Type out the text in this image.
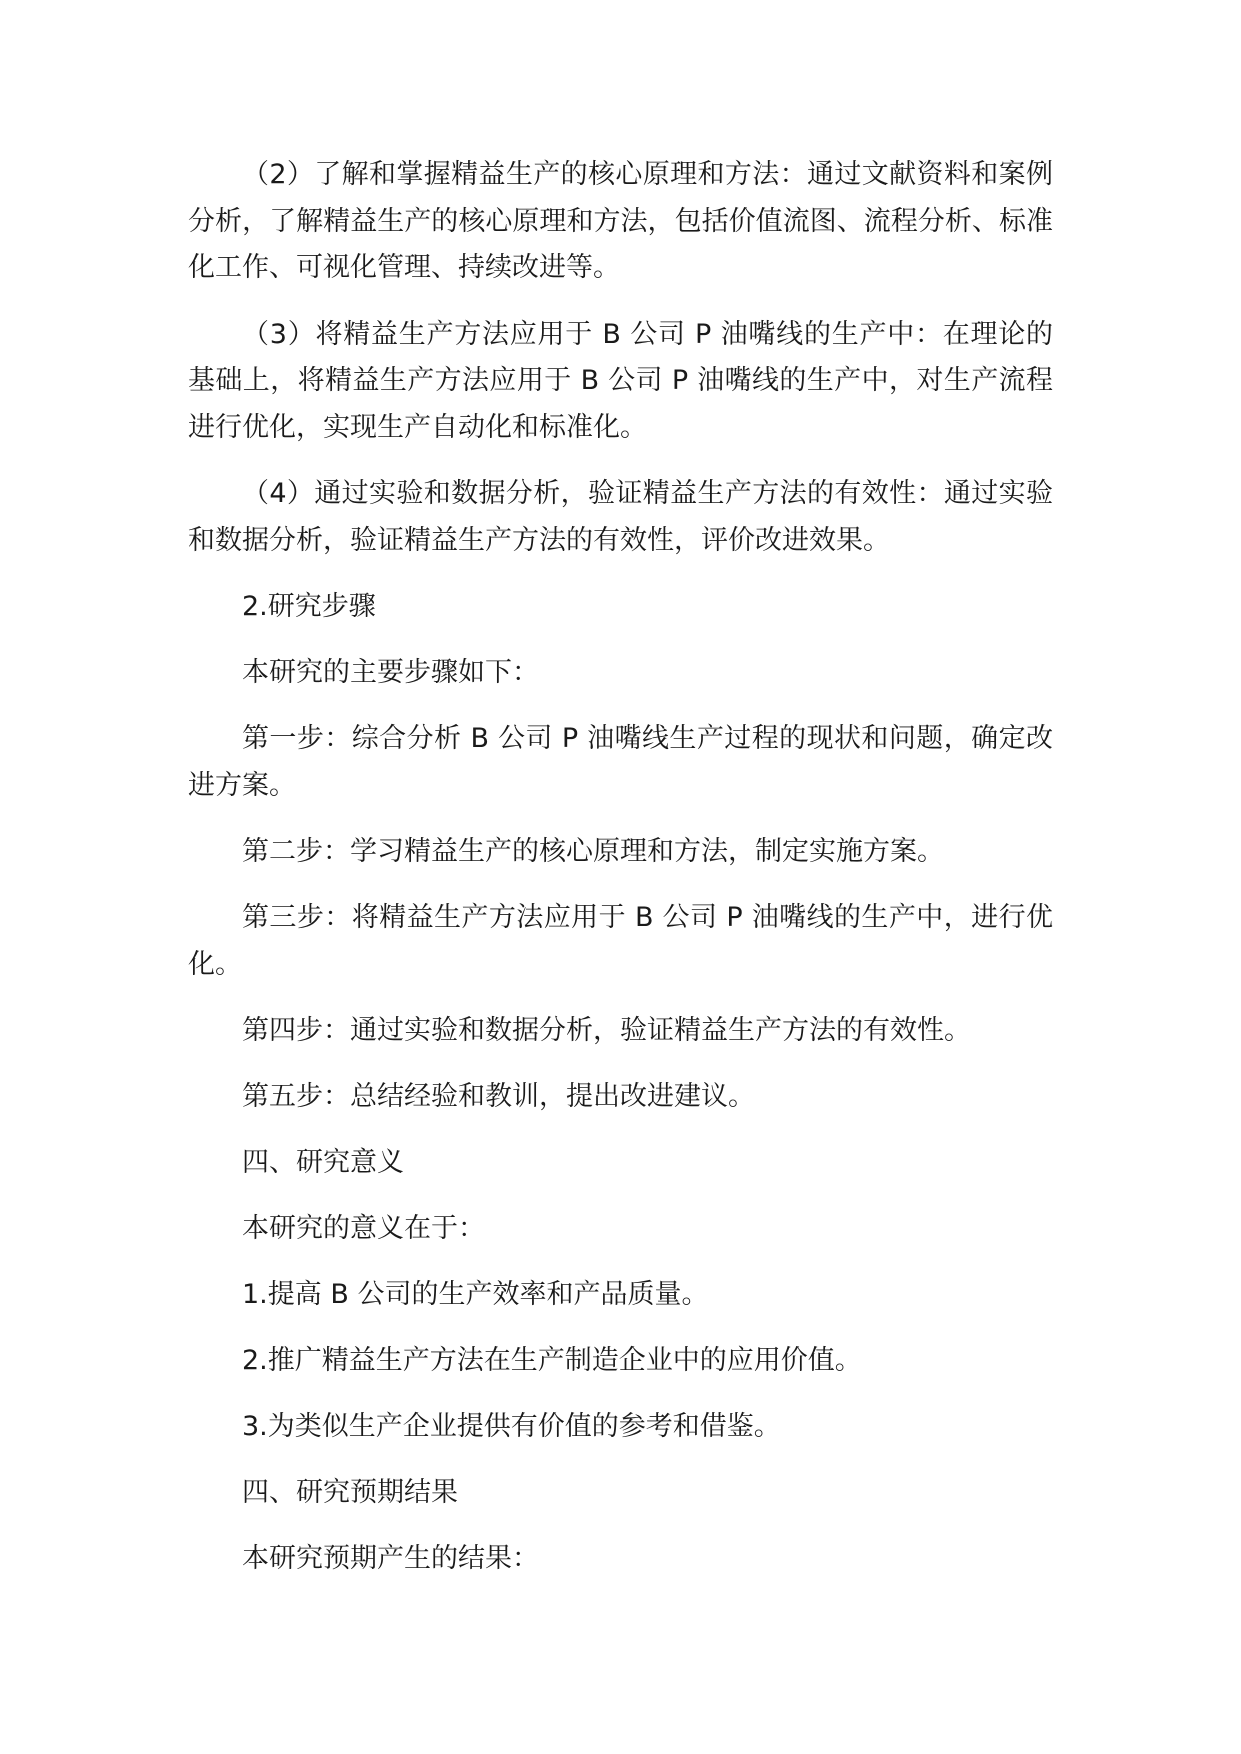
（2）了解和掌握精益生产的核心原理和方法：通过文献资料和案例分析，了解精益生产的核心原理和方法，包括价值流图、流程分析、标准化工作、可视化管理、持续改进等。

（3）将精益生产方法应用于 B 公司 P 油嘴线的生产中：在理论的基础上，将精益生产方法应用于 B 公司 P 油嘴线的生产中，对生产流程进行优化，实现生产自动化和标准化。

（4）通过实验和数据分析，验证精益生产方法的有效性：通过实验和数据分析，验证精益生产方法的有效性，评价改进效果。

2.研究步骤

本研究的主要步骤如下：

第一步：综合分析 B 公司 P 油嘴线生产过程的现状和问题，确定改进方案。

第二步：学习精益生产的核心原理和方法，制定实施方案。

第三步：将精益生产方法应用于 B 公司 P 油嘴线的生产中，进行优化。

第四步：通过实验和数据分析，验证精益生产方法的有效性。

第五步：总结经验和教训，提出改进建议。

四、研究意义

本研究的意义在于：

1.提高 B 公司的生产效率和产品质量。

2.推广精益生产方法在生产制造企业中的应用价值。

3.为类似生产企业提供有价值的参考和借鉴。

四、研究预期结果

本研究预期产生的结果：
